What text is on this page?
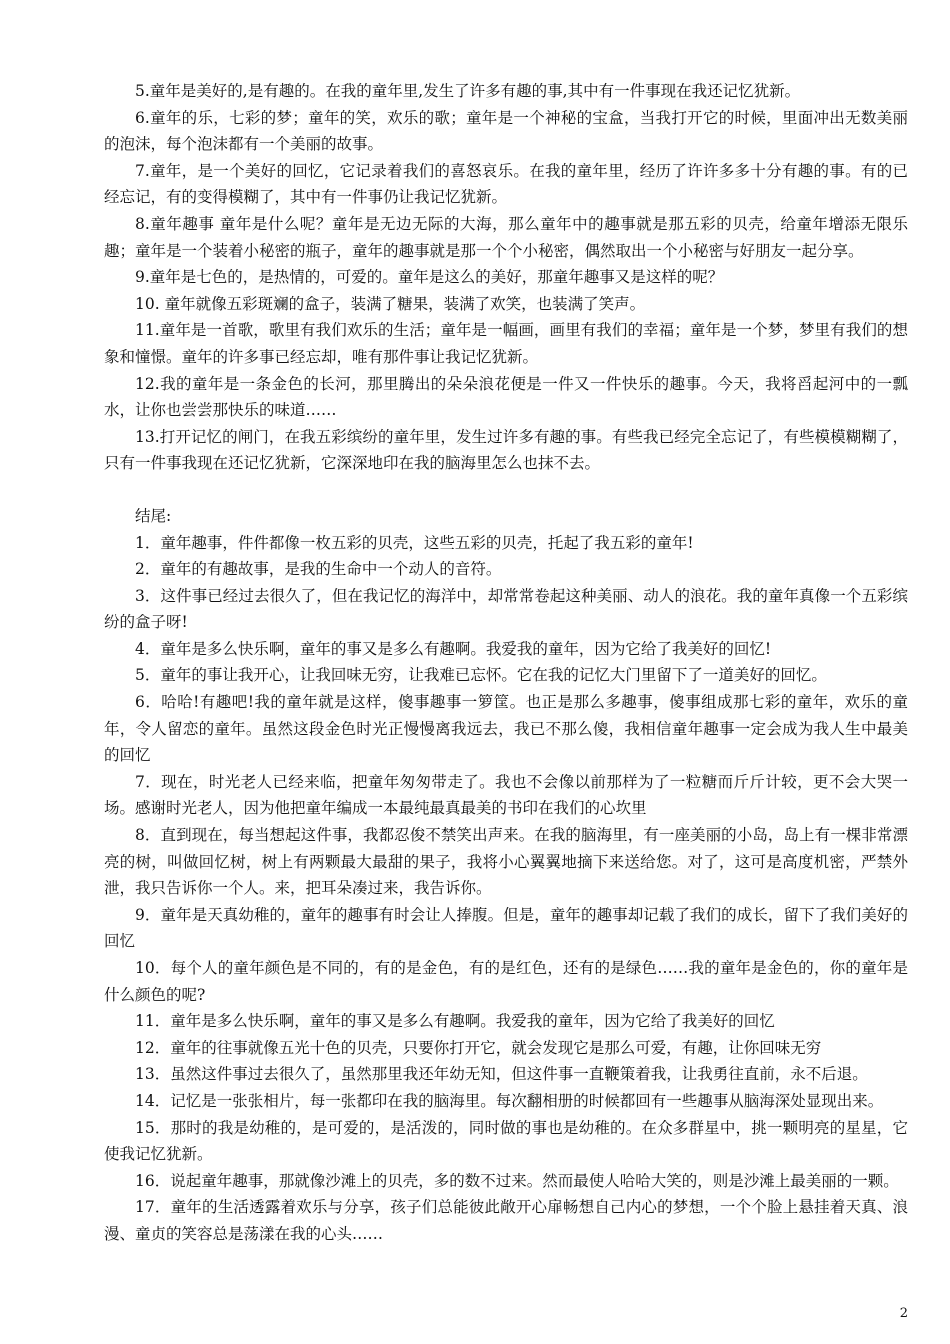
5.童年是美好的,是有趣的。在我的童年里,发生了许多有趣的事,其中有一件事现在我还记忆犹新。

6.童年的乐，七彩的梦；童年的笑，欢乐的歌；童年是一个神秘的宝盒，当我打开它的时候，里面冲出无数美丽的泡沫，每个泡沫都有一个美丽的故事。

7.童年，是一个美好的回忆，它记录着我们的喜怒哀乐。在我的童年里，经历了许许多多十分有趣的事。有的已经忘记，有的变得模糊了，其中有一件事仍让我记忆犹新。

8.童年趣事 童年是什么呢？童年是无边无际的大海，那么童年中的趣事就是那五彩的贝壳，给童年增添无限乐趣；童年是一个装着小秘密的瓶子，童年的趣事就是那一个个小秘密，偶然取出一个小秘密与好朋友一起分享。

9.童年是七色的，是热情的，可爱的。童年是这么的美好，那童年趣事又是这样的呢？

10. 童年就像五彩斑斓的盒子，装满了糖果，装满了欢笑，也装满了笑声。

11.童年是一首歌，歌里有我们欢乐的生活；童年是一幅画，画里有我们的幸福；童年是一个梦，梦里有我们的想象和憧憬。童年的许多事已经忘却，唯有那件事让我记忆犹新。

12.我的童年是一条金色的长河，那里腾出的朵朵浪花便是一件又一件快乐的趣事。今天，我将舀起河中的一瓢水，让你也尝尝那快乐的味道……

13.打开记忆的闸门，在我五彩缤纷的童年里，发生过许多有趣的事。有些我已经完全忘记了，有些模模糊糊了，只有一件事我现在还记忆犹新，它深深地印在我的脑海里怎么也抹不去。

结尾:

1．童年趣事，件件都像一枚五彩的贝壳，这些五彩的贝壳，托起了我五彩的童年!

2．童年的有趣故事，是我的生命中一个动人的音符。

3．这件事已经过去很久了，但在我记忆的海洋中，却常常卷起这种美丽、动人的浪花。我的童年真像一个五彩缤纷的盒子呀!

4．童年是多么快乐啊，童年的事又是多么有趣啊。我爱我的童年，因为它给了我美好的回忆!

5．童年的事让我开心，让我回味无穷，让我难已忘怀。它在我的记忆大门里留下了一道美好的回忆。

6．哈哈!有趣吧!我的童年就是这样，傻事趣事一箩筐。也正是那么多趣事，傻事组成那七彩的童年，欢乐的童年，令人留恋的童年。虽然这段金色时光正慢慢离我远去，我已不那么傻，我相信童年趣事一定会成为我人生中最美的回忆

7．现在，时光老人已经来临，把童年匆匆带走了。我也不会像以前那样为了一粒糖而斤斤计较，更不会大哭一场。感谢时光老人，因为他把童年编成一本最纯最真最美的书印在我们的心坎里

8．直到现在，每当想起这件事，我都忍俊不禁笑出声来。在我的脑海里，有一座美丽的小岛，岛上有一棵非常漂亮的树，叫做回忆树，树上有两颗最大最甜的果子，我将小心翼翼地摘下来送给您。对了，这可是高度机密，严禁外泄，我只告诉你一个人。来，把耳朵凑过来，我告诉你。

9．童年是天真幼稚的，童年的趣事有时会让人捧腹。但是，童年的趣事却记载了我们的成长，留下了我们美好的回忆

10．每个人的童年颜色是不同的，有的是金色，有的是红色，还有的是绿色……我的童年是金色的，你的童年是什么颜色的呢?

11．童年是多么快乐啊，童年的事又是多么有趣啊。我爱我的童年，因为它给了我美好的回忆

12．童年的往事就像五光十色的贝壳，只要你打开它，就会发现它是那么可爱，有趣，让你回味无穷

13．虽然这件事过去很久了，虽然那里我还年幼无知，但这件事一直鞭策着我，让我勇往直前，永不后退。

14．记忆是一张张相片，每一张都印在我的脑海里。每次翻相册的时候都回有一些趣事从脑海深处显现出来。

15．那时的我是幼稚的，是可爱的，是活泼的，同时做的事也是幼稚的。在众多群星中，挑一颗明亮的星星，它使我记忆犹新。

16．说起童年趣事，那就像沙滩上的贝壳，多的数不过来。然而最使人哈哈大笑的，则是沙滩上最美丽的一颗。

17．童年的生活透露着欢乐与分享，孩子们总能彼此敞开心扉畅想自己内心的梦想，一个个脸上悬挂着天真、浪漫、童贞的笑容总是荡漾在我的心头……

2
